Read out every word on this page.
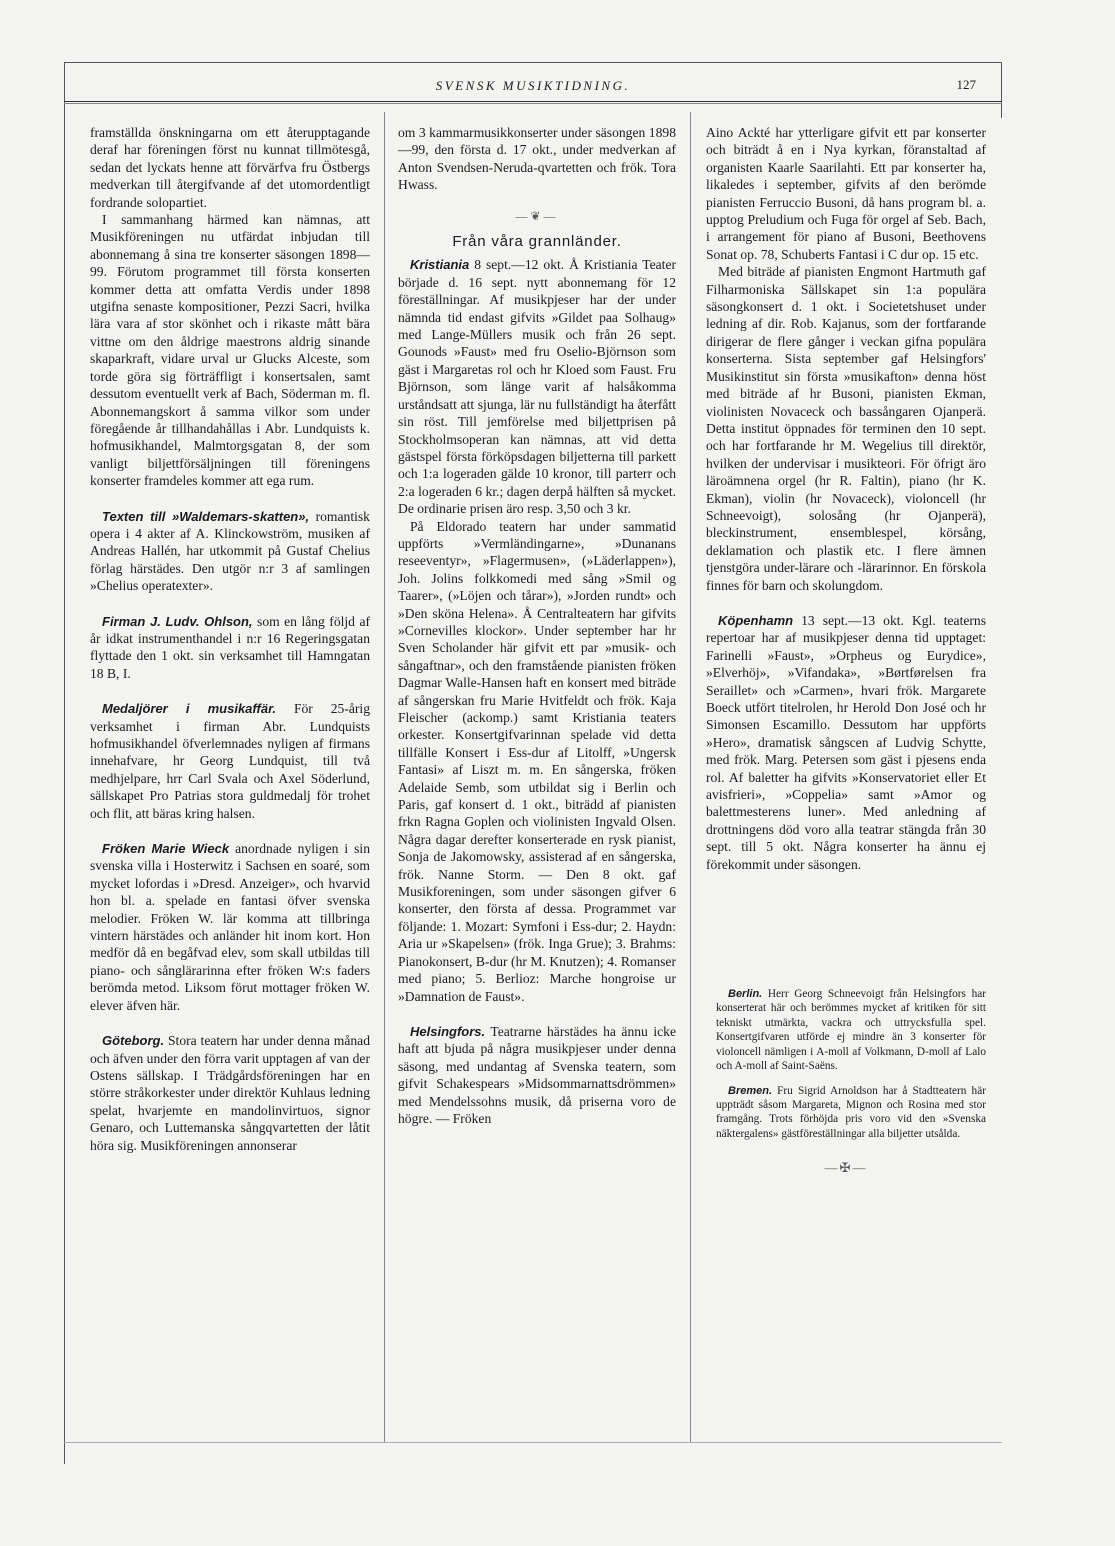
SVENSK MUSIKTIDNING.	127

framställda önskningarna om ett återupptagande deraf har föreningen först nu kunnat tillmötesgå, sedan det lyckats henne att förvärfva fru Östbergs medverkan till återgifvande af det utomordentligt fordrande solopartiet.

I sammanhang härmed kan nämnas, att Musikföreningen nu utfärdat inbjudan till abonnemang å sina tre konserter säsongen 1898—99. Förutom programmet till första konserten kommer detta att omfatta Verdis under 1898 utgifna senaste kompositioner, Pezzi Sacri, hvilka lära vara af stor skönhet och i rikaste mått bära vittne om den åldrige maestrons aldrig sinande skaparkraft, vidare urval ur Glucks Alceste, som torde göra sig förträffligt i konsertsalen, samt dessutom eventuellt verk af Bach, Söderman m. fl. Abonnemangskort å samma vilkor som under föregående år tillhandahållas i Abr. Lundquists k. hofmusikhandel, Malmtorgsgatan 8, der som vanligt biljettförsäljningen till föreningens konserter framdeles kommer att ega rum.

Texten till »Waldemars-skatten», romantisk opera i 4 akter af A. Klinckowström, musiken af Andreas Hallén, har utkommit på Gustaf Chelius förlag härstädes. Den utgör n:r 3 af samlingen »Chelius operatexter».

Firman J. Ludv. Ohlson, som en lång följd af år idkat instrumenthandel i n:r 16 Regeringsgatan flyttade den 1 okt. sin verksamhet till Hamngatan 18 B, I.

Medaljörer i musikaffär. För 25-årig verksamhet i firman Abr. Lundquists hofmusikhandel öfverlemnades nyligen af firmans innehafvare, hr Georg Lundquist, till två medhjelpare, hrr Carl Svala och Axel Söderlund, sällskapet Pro Patrias stora guldmedalj för trohet och flit, att bäras kring halsen.

Fröken Marie Wieck anordnade nyligen i sin svenska villa i Hosterwitz i Sachsen en soaré, som mycket lofordas i »Dresd. Anzeiger», och hvarvid hon bl. a. spelade en fantasi öfver svenska melodier. Fröken W. lär komma att tillbringa vintern härstädes och anländer hit inom kort. Hon medför då en begåfvad elev, som skall utbildas till piano- och sånglärarinna efter fröken W:s faders berömda metod. Liksom förut mottager fröken W. elever äfven här.

Göteborg. Stora teatern har under denna månad och äfven under den förra varit upptagen af van der Ostens sällskap. I Trädgårdsföreningen har en större stråkorkester under direktör Kuhlaus ledning spelat, hvarjemte en mandolinvirtuos, signor Genaro, och Luttemanska sångqvartetten der låtit höra sig. Musikföreningen annonserar

om 3 kammarmusikkonserter under säsongen 1898—99, den första d. 17 okt., under medverkan af Anton Svendsen-Neruda-qvartetten och frök. Tora Hwass.

—❦—
Från våra grannländer.

Kristiania 8 sept.—12 okt. Å Kristiania Teater började d. 16 sept. nytt abonnemang för 12 föreställningar. Af musikpjeser har der under nämnda tid endast gifvits »Gildet paa Solhaug» med Lange-Müllers musik och från 26 sept. Gounods »Faust» med fru Oselio-Björnson som gäst i Margaretas rol och hr Kloed som Faust. Fru Björnson, som länge varit af halsåkomma urståndsatt att sjunga, lär nu fullständigt ha återfått sin röst. Till jemförelse med biljettprisen på Stockholmsoperan kan nämnas, att vid detta gästspel första förköpsdagen biljetterna till parkett och 1:a logeraden gälde 10 kronor, till parterr och 2:a logeraden 6 kr.; dagen derpå hälften så mycket. De ordinarie prisen äro resp. 3,50 och 3 kr.

På Eldorado teatern har under sammatid uppförts »Vermländingarne», »Dunanans reseeventyr», »Flagermusen», (»Läderlappen»), Joh. Jolins folkkomedi med sång »Smil og Taarer», (»Löjen och tårar»), »Jorden rundt» och »Den sköna Helena». Å Centralteatern har gifvits »Cornevilles klockor». Under september har hr Sven Scholander här gifvit ett par »musik- och sångaftnar», och den framstående pianisten fröken Dagmar Walle-Hansen haft en konsert med biträde af sångerskan fru Marie Hvitfeldt och frök. Kaja Fleischer (ackomp.) samt Kristiania teaters orkester. Konsertgifvarinnan spelade vid detta tillfälle Konsert i Ess-dur af Litolff, »Ungersk Fantasi» af Liszt m. m. En sångerska, fröken Adelaide Semb, som utbildat sig i Berlin och Paris, gaf konsert d. 1 okt., biträdd af pianisten frkn Ragna Goplen och violinisten Ingvald Olsen. Några dagar derefter konserterade en rysk pianist, Sonja de Jakomowsky, assisterad af en sångerska, frök. Nanne Storm. — Den 8 okt. gaf Musikforeningen, som under säsongen gifver 6 konserter, den första af dessa. Programmet var följande: 1. Mozart: Symfoni i Ess-dur; 2. Haydn: Aria ur »Skapelsen» (frök. Inga Grue); 3. Brahms: Pianokonsert, B-dur (hr M. Knutzen); 4. Romanser med piano; 5. Berlioz: Marche hongroise ur »Damnation de Faust».

Helsingfors. Teatrarne härstädes ha ännu icke haft att bjuda på några musikpjeser under denna säsong, med undantag af Svenska teatern, som gifvit Schakespears »Midsommarnattsdrömmen» med Mendelssohns musik, då priserna voro de högre. — Fröken

Aino Ackté har ytterligare gifvit ett par konserter och biträdt å en i Nya kyrkan, föranstaltad af organisten Kaarle Saarilahti. Ett par konserter ha, likaledes i september, gifvits af den berömde pianisten Ferruccio Busoni, då hans program bl. a. upptog Preludium och Fuga för orgel af Seb. Bach, i arrangement för piano af Busoni, Beethovens Sonat op. 78, Schuberts Fantasi i C dur op. 15 etc.

Med biträde af pianisten Engmont Hartmuth gaf Filharmoniska Sällskapet sin 1:a populära säsongkonsert d. 1 okt. i Societetshuset under ledning af dir. Rob. Kajanus, som der fortfarande dirigerar de flere gånger i veckan gifna populära konserterna. Sista september gaf Helsingfors' Musikinstitut sin första »musikafton» denna höst med biträde af hr Busoni, pianisten Ekman, violinisten Novaceck och bassångaren Ojanperä. Detta institut öppnades för terminen den 10 sept. och har fortfarande hr M. Wegelius till direktör, hvilken der undervisar i musikteori. För öfrigt äro läroämnena orgel (hr R. Faltin), piano (hr K. Ekman), violin (hr Novaceck), violoncell (hr Schneevoigt), solosång (hr Ojanperä), bleckinstrument, ensemblespel, körsång, deklamation och plastik etc. I flere ämnen tjenstgöra under-lärare och -lärarinnor. En förskola finnes för barn och skolungdom.

Köpenhamn 13 sept.—13 okt. Kgl. teaterns repertoar har af musikpjeser denna tid upptaget: Farinelli »Faust», »Orpheus og Eurydice», »Elverhöj», »Vifandaka», »Børtførelsen fra Seraillet» och »Carmen», hvari frök. Margarete Boeck utfört titelrolen, hr Herold Don José och hr Simonsen Escamillo. Dessutom har uppförts »Hero», dramatisk sångscen af Ludvig Schytte, med frök. Marg. Petersen som gäst i pjesens enda rol. Af baletter ha gifvits »Konservatoriet eller Et avisfrieri», »Coppelia» samt »Amor og balettmesterens luner». Med anledning af drottningens död voro alla teatrar stängda från 30 sept. till 5 okt. Några konserter ha ännu ej förekommit under säsongen.

Berlin. Herr Georg Schneevoigt från Helsingfors har konserterat här och berömmes mycket af kritiken för sitt tekniskt utmärkta, vackra och uttrycksfulla spel. Konsertgifvaren utförde ej mindre än 3 konserter för violoncell nämligen i A-moll af Volkmann, D-moll af Lalo och A-moll af Saint-Saëns.

Bremen. Fru Sigrid Arnoldson har å Stadtteatern här uppträdt såsom Margareta, Mignon och Rosina med stor framgång. Trots förhöjda pris voro vid den »Svenska näktergalens» gästföreställningar alla biljetter utsålda.

—✠—
